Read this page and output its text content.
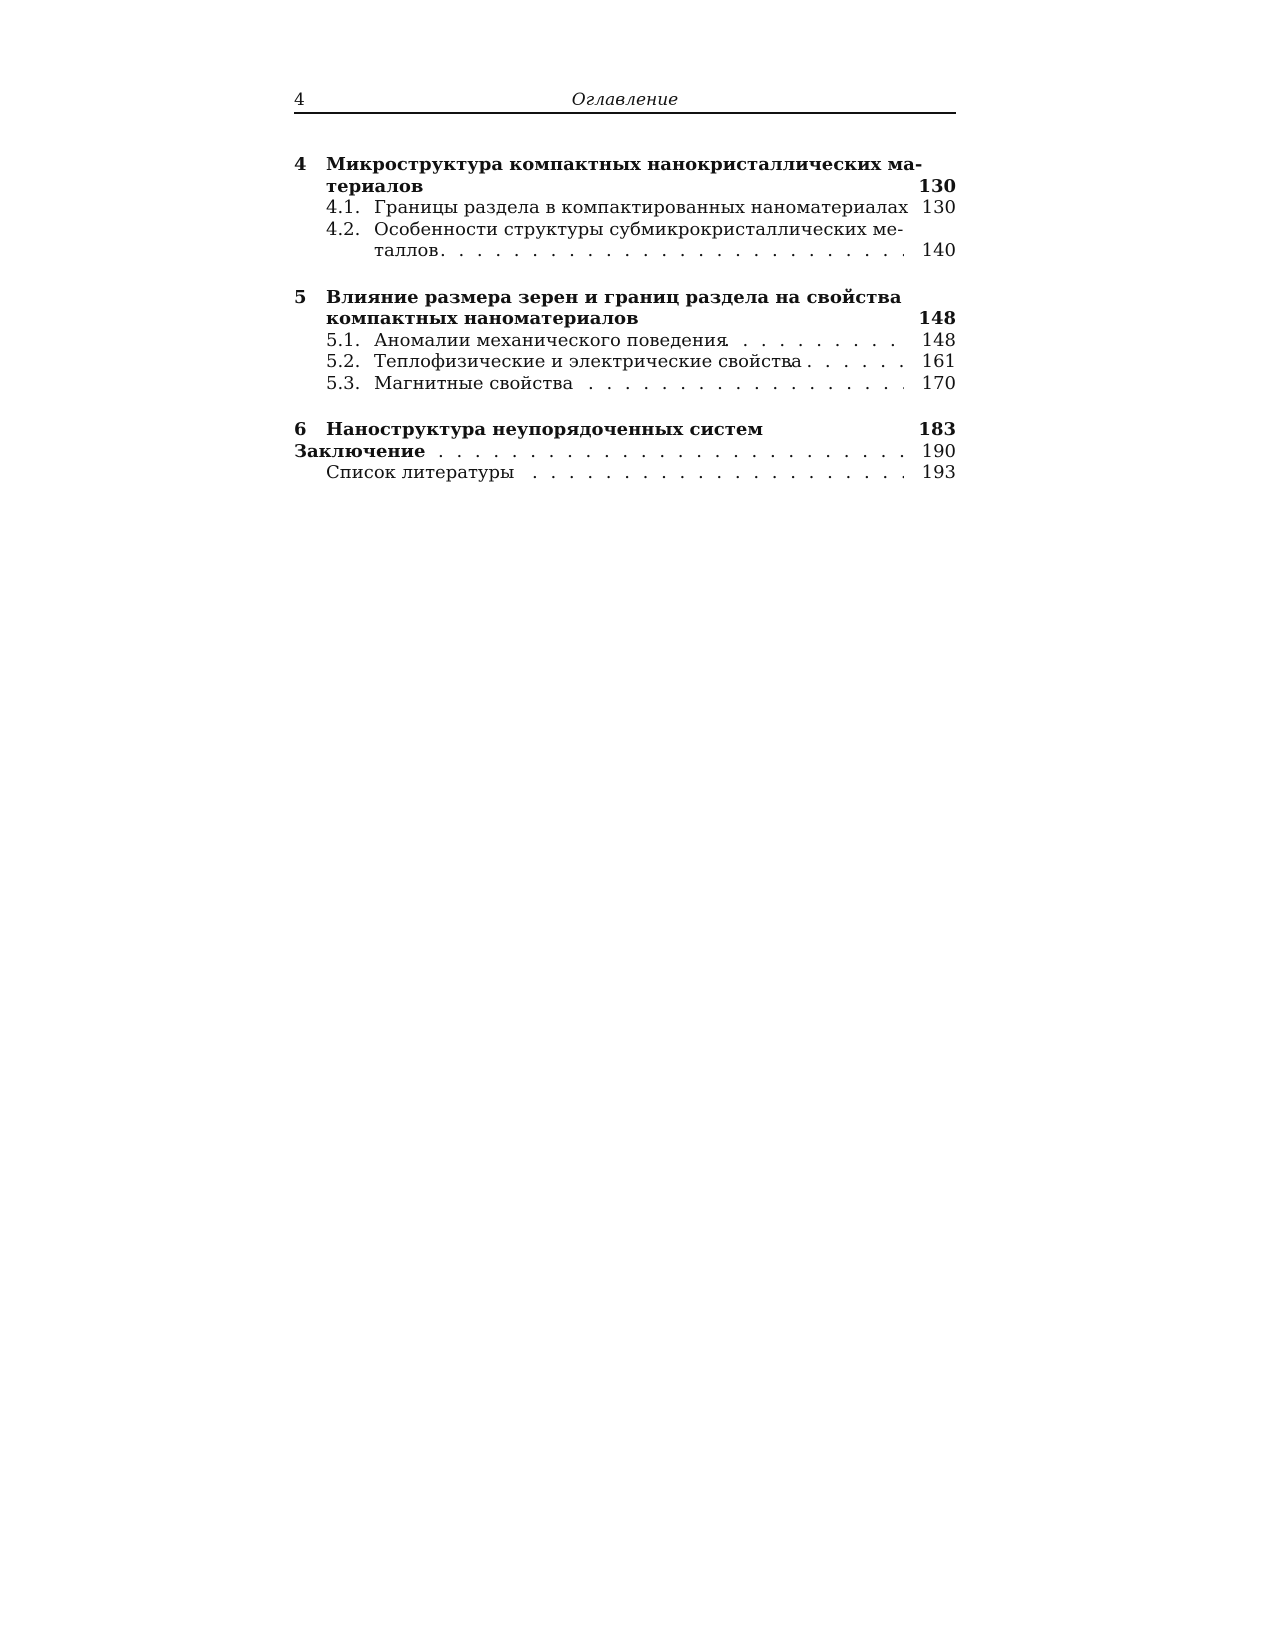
4	Оглавление
4 Микроструктура компактных нанокристаллических ма-
териалов	130
4.1. Границы раздела в компактированных наноматериалах 130
4.2. Особенности структуры субмикрокристаллических ме-
таллов . . .	140
5 Влияние размера зерен и границ раздела на свойства
компактных наноматериалов	148
5.1. Аномалии механического поведения . . .	148
5.2. Теплофизические и электрические свойства . . .	161
5.3. Магнитные свойства . . .	170
6 Наноструктура неупорядоченных систем	183
Заключение . . .	190
Список литературы . . .	193
